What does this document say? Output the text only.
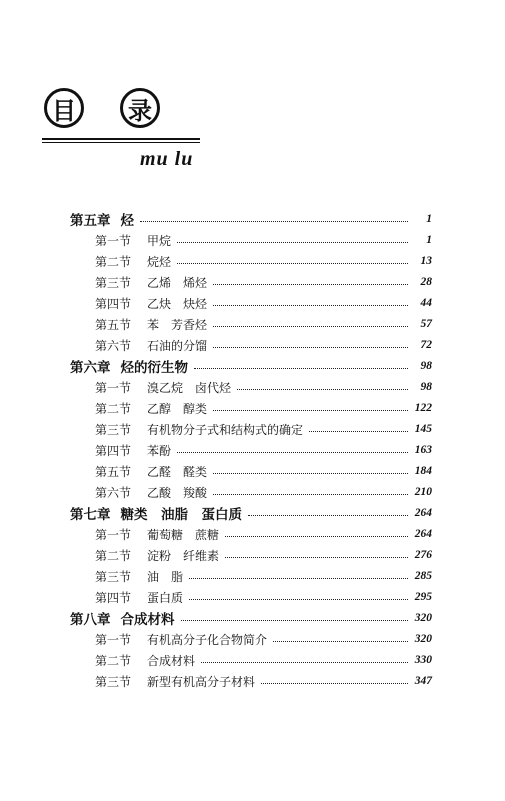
目	录
mu lu
第五章 烃	1
第一节	甲烷	1
第二节	烷烃	13
第三节	乙烯　烯烃	28
第四节	乙炔　炔烃	44
第五节	苯　芳香烃	57
第六节	石油的分馏	72
第六章 烃的衍生物	98
第一节	溴乙烷　卤代烃	98
第二节	乙醇　醇类	122
第三节	有机物分子式和结构式的确定	145
第四节	苯酚	163
第五节	乙醛　醛类	184
第六节	乙酸　羧酸	210
第七章 糖类　油脂　蛋白质	264
第一节	葡萄糖　蔗糖	264
第二节	淀粉　纤维素	276
第三节	油　脂	285
第四节	蛋白质	295
第八章 合成材料	320
第一节	有机高分子化合物简介	320
第二节	合成材料	330
第三节	新型有机高分子材料	347
